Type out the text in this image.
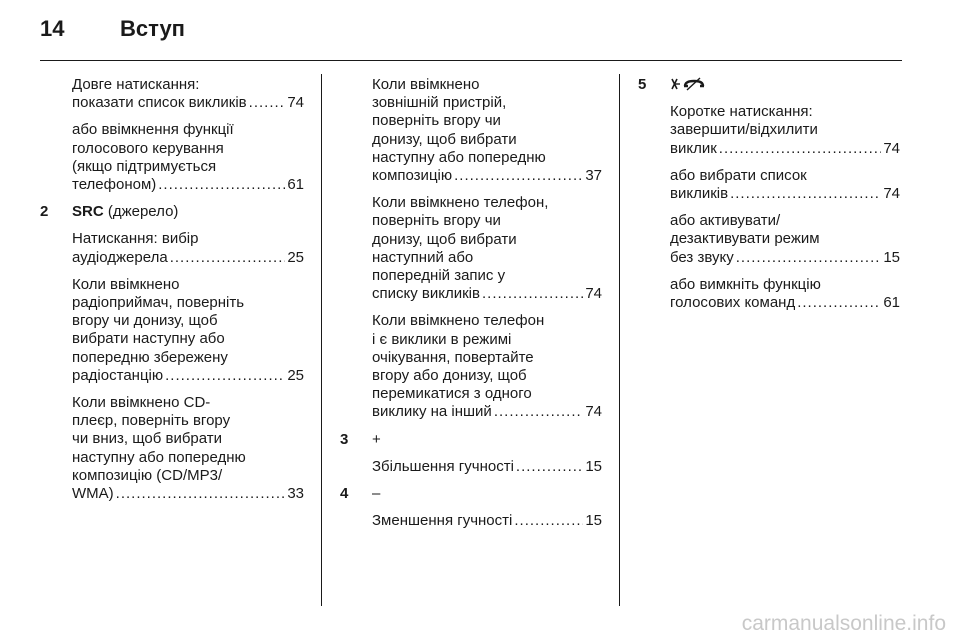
14	Вступ
Довге натискання:
показати список викликів .....	74
або ввімкнення функції
голосового керування
(якщо підтримується
телефоном) .....	61
2	SRC (джерело)
Натискання: вибір
аудіоджерела .....	25
Коли ввімкнено
радіоприймач, поверніть
вгору чи донизу, щоб
вибрати наступну або
попередню збережену
радіостанцію .....	25
Коли ввімкнено CD-
плеєр, поверніть вгору
чи вниз, щоб вибрати
наступну або попередню
композицію (CD/MP3/
WMA) .....	33
Коли ввімкнено
зовнішній пристрій,
поверніть вгору чи
донизу, щоб вибрати
наступну або попередню
композицію .....	37
Коли ввімкнено телефон,
поверніть вгору чи
донизу, щоб вибрати
наступний або
попередній запис у
списку викликів .....	74
Коли ввімкнено телефон
і є виклики в режимі
очікування, повертайте
вгору або донизу, щоб
перемикатися з одного
виклику на інший .....	74
3	+
Збільшення гучності .....	15
4	–
Зменшення гучності .....	15
5
Коротке натискання:
завершити/відхилити
виклик .....	74
або вибрати список
викликів .....	74
або активувати/
дезактивувати режим
без звуку .....	15
або вимкніть функцію
голосових команд .....	61
carmanualsonline.info
